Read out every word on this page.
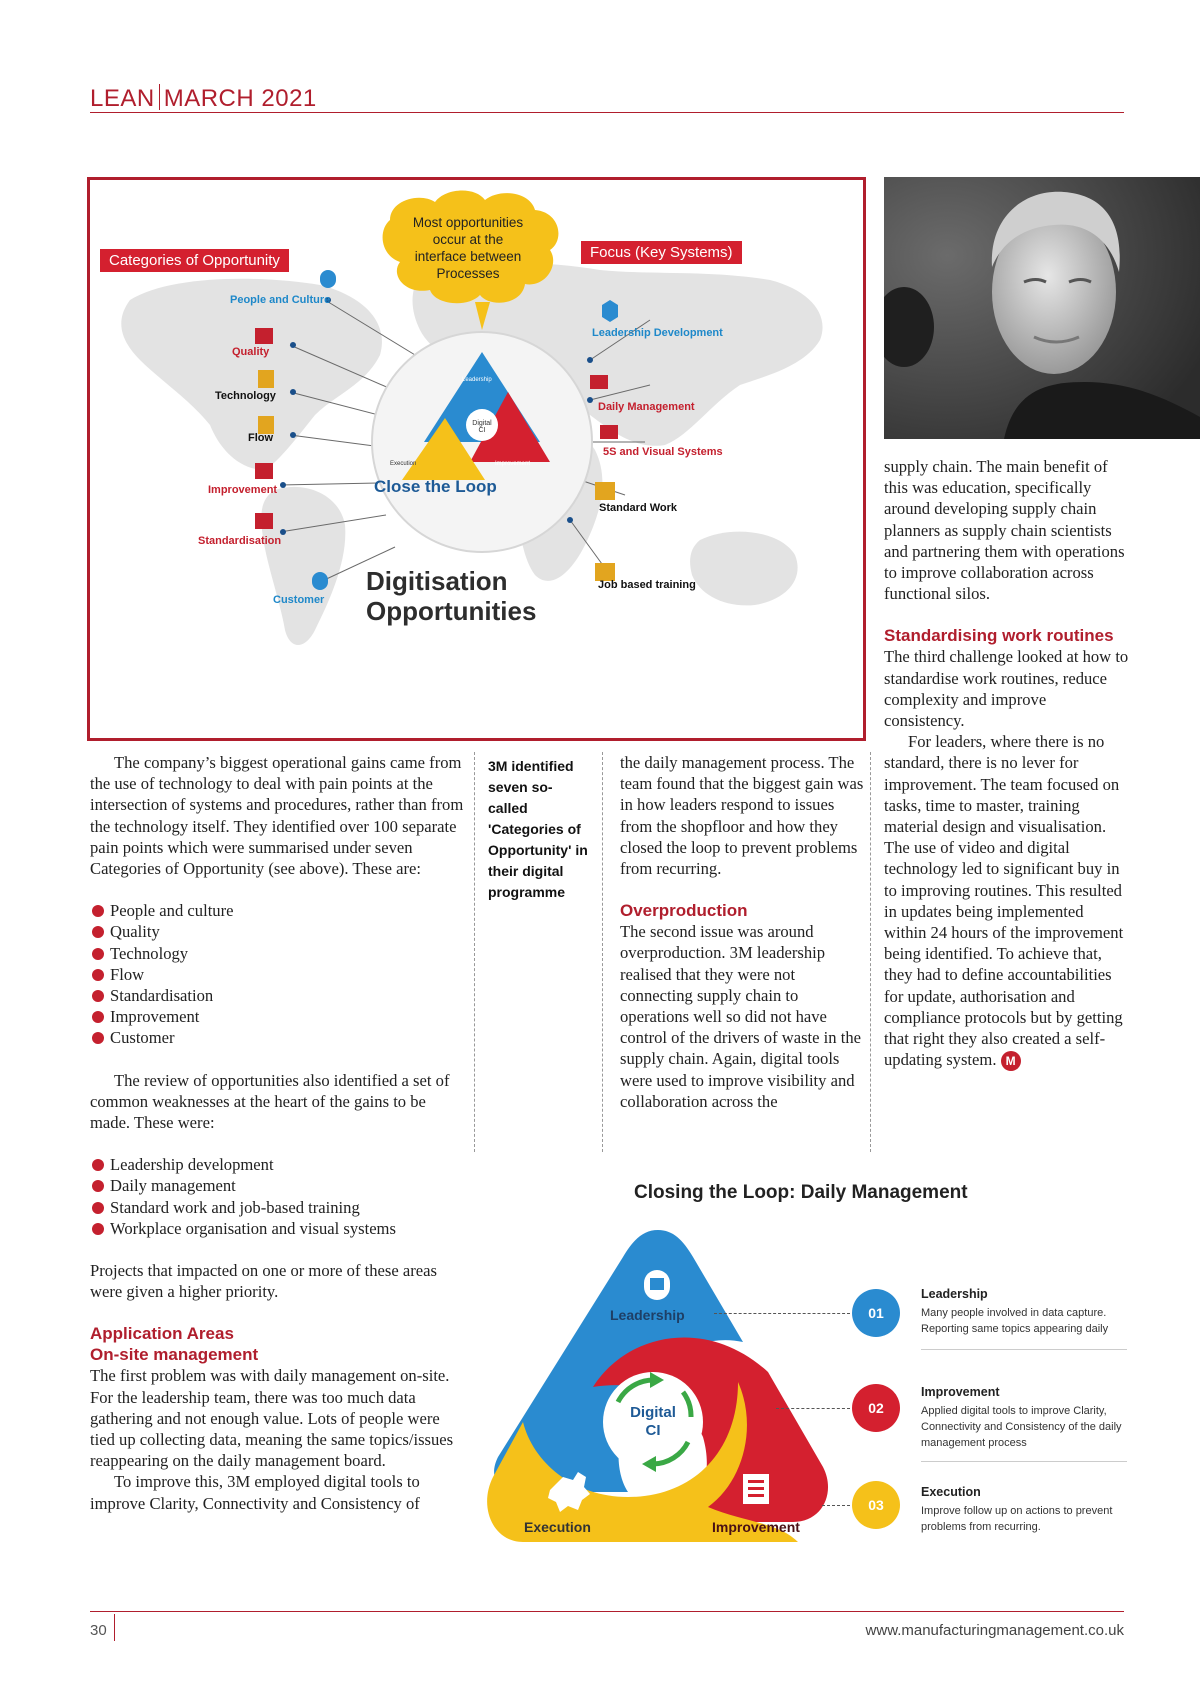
LEAN MARCH 2021
Categories of Opportunity	Focus (Key Systems)
Most opportunities occur at the interface between Processes
People and Culture
Quality
Technology
Flow
Improvement
Standardisation
Customer
Leadership Development
Daily Management
5S and Visual Systems
Standard Work
Job based training
Digital CI
Leadership
Execution	Improvement
Close the Loop
Digitisation
Opportunities

The company’s biggest operational gains came from the use of technology to deal with pain points at the intersection of systems and procedures, rather than from the technology itself. They identified over 100 separate pain points which were summarised under seven Categories of Opportunity (see above). These are:

People and culture
Quality
Technology
Flow
Standardisation
Improvement
Customer

The review of opportunities also identified a set of common weaknesses at the heart of the gains to be made. These were:

Leadership development
Daily management
Standard work and job-based training
Workplace organisation and visual systems

Projects that impacted on one or more of these areas were given a higher priority.

Application Areas
On-site management

The first problem was with daily management on-site. For the leadership team, there was too much data gathering and not enough value. Lots of people were tied up collecting data, meaning the same topics/issues reappearing on the daily management board.

To improve this, 3M employed digital tools to improve Clarity, Connectivity and Consistency of

3M identified seven so-called 'Categories of Opportunity' in their digital programme

the daily management process. The team found that the biggest gain was in how leaders respond to issues from the shopfloor and how they closed the loop to prevent problems from recurring.

Overproduction

The second issue was around overproduction. 3M leadership realised that they were not connecting supply chain to operations well so did not have control of the drivers of waste in the supply chain. Again, digital tools were used to improve visibility and collaboration across the

supply chain. The main benefit of this was education, specifically around developing supply chain planners as supply chain scientists and partnering them with operations to improve collaboration across functional silos.

Standardising work routines

The third challenge looked at how to standardise work routines, reduce complexity and improve consistency.

For leaders, where there is no standard, there is no lever for improvement. The team focused on tasks, time to master, training material design and visualisation. The use of video and digital technology led to significant buy in to improving routines. This resulted in updates being implemented within 24 hours of the improvement being identified. To achieve that, they had to define accountabilities for update, authorisation and compliance protocols but by getting that right they also created a self-updating system. M

Closing the Loop: Daily Management
Leadership
Execution	Improvement
Digital
CI
01
02
03
Leadership
Many people involved in data capture.
Reporting same topics appearing daily
Improvement
Applied digital tools to improve Clarity,
Connectivity and Consistency of the daily
management process
Execution
Improve follow up on actions to prevent
problems from recurring.
30	www.manufacturingmanagement.co.uk
